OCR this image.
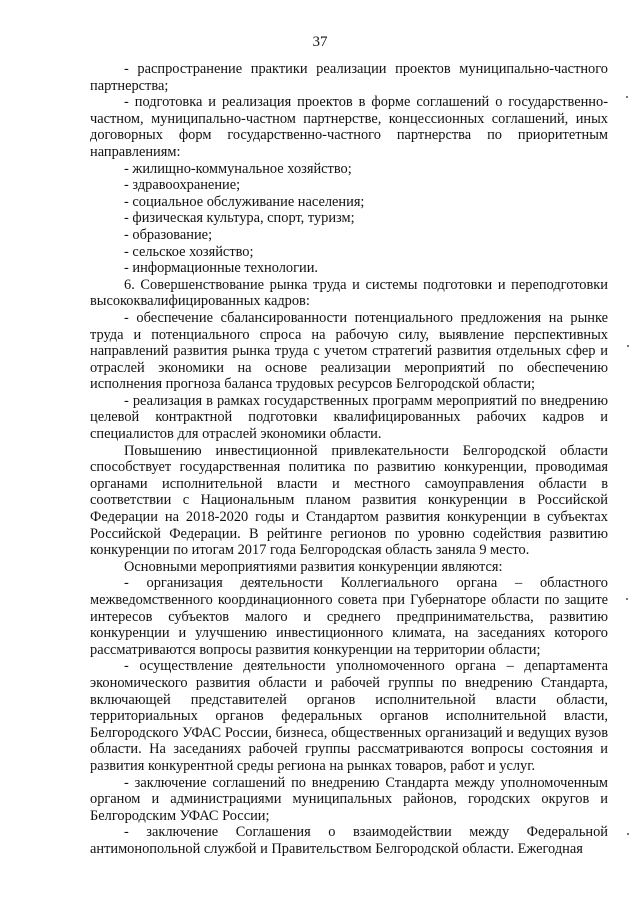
37

- распространение практики реализации проектов муниципально-частного партнерства;

- подготовка и реализация проектов в форме соглашений о государственно-частном, муниципально-частном партнерстве, концессионных соглашений, иных договорных форм государственно-частного партнерства по приоритетным направлениям:

- жилищно-коммунальное хозяйство;

- здравоохранение;

- социальное обслуживание населения;

- физическая культура, спорт, туризм;

- образование;

- сельское хозяйство;

- информационные технологии.

6. Совершенствование рынка труда и системы подготовки и переподготовки высококвалифицированных кадров:

- обеспечение сбалансированности потенциального предложения на рынке труда и потенциального спроса на рабочую силу, выявление перспективных направлений развития рынка труда с учетом стратегий развития отдельных сфер и отраслей экономики на основе реализации мероприятий по обеспечению исполнения прогноза баланса трудовых ресурсов Белгородской области;

- реализация в рамках государственных программ мероприятий по внедрению целевой контрактной подготовки квалифицированных рабочих кадров и специалистов для отраслей экономики области.

Повышению инвестиционной привлекательности Белгородской области способствует государственная политика по развитию конкуренции, проводимая органами исполнительной власти и местного самоуправления области в соответствии с Национальным планом развития конкуренции в Российской Федерации на 2018-2020 годы и Стандартом развития конкуренции в субъектах Российской Федерации. В рейтинге регионов по уровню содействия развитию конкуренции по итогам 2017 года Белгородская область заняла 9 место.

Основными мероприятиями развития конкуренции являются:

- организация деятельности Коллегиального органа – областного межведомственного координационного совета при Губернаторе области по защите интересов субъектов малого и среднего предпринимательства, развитию конкуренции и улучшению инвестиционного климата, на заседаниях которого рассматриваются вопросы развития конкуренции на территории области;

- осуществление деятельности уполномоченного органа – департамента экономического развития области и рабочей группы по внедрению Стандарта, включающей представителей органов исполнительной власти области, территориальных органов федеральных органов исполнительной власти, Белгородского УФАС России, бизнеса, общественных организаций и ведущих вузов области. На заседаниях рабочей группы рассматриваются вопросы состояния и развития конкурентной среды региона на рынках товаров, работ и услуг.

- заключение соглашений по внедрению Стандарта между уполномоченным органом и администрациями муниципальных районов, городских округов и Белгородским УФАС России;

- заключение Соглашения о взаимодействии между Федеральной антимонопольной службой и Правительством Белгородской области. Ежегодная
